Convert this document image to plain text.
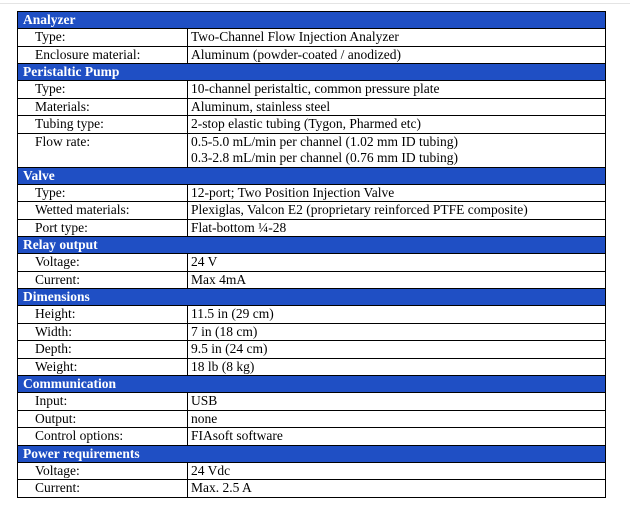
Analyzer	
Type:	Two-Channel Flow Injection Analyzer

Enclosure material:	Aluminum (powder-coated / anodized)

Peristaltic Pump	
Type:	10-channel peristaltic, common pressure plate

Materials:	Aluminum, stainless steel

Tubing type:	2-stop elastic tubing (Tygon, Pharmed etc)

Flow rate:	0.5-5.0 mL/min per channel (1.02 mm ID tubing)
0.3-2.8 mL/min per channel (0.76 mm ID tubing)

Valve	
Type:	12-port; Two Position Injection Valve

Wetted materials:	Plexiglas, Valcon E2 (proprietary reinforced PTFE composite)

Port type:	Flat-bottom ¼-28

Relay output	
Voltage:	24 V

Current:	Max 4mA

Dimensions	
Height:	11.5 in (29 cm)

Width:	7 in (18 cm)

Depth:	9.5 in (24 cm)

Weight:	18 lb (8 kg)

Communication	
Input:	USB

Output:	none

Control options:	FIAsoft software

Power requirements	
Voltage:	24 Vdc

Current:	Max. 2.5 A
